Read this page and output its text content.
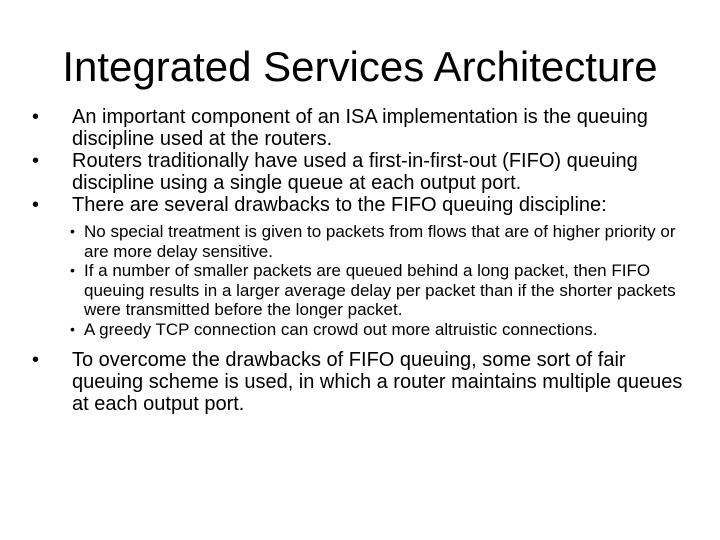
Integrated Services Architecture
• An important component of an ISA implementation is the queuing discipline used at the routers.
• Routers traditionally have used a first-in-first-out (FIFO) queuing discipline using a single queue at each output port.
• There are several drawbacks to the FIFO queuing discipline:
• No special treatment is given to packets from flows that are of higher priority or are more delay sensitive.
• If a number of smaller packets are queued behind a long packet, then FIFO queuing results in a larger average delay per packet than if the shorter packets were transmitted before the longer packet.
• A greedy TCP connection can crowd out more altruistic connections.
• To overcome the drawbacks of FIFO queuing, some sort of fair queuing scheme is used, in which a router maintains multiple queues at each output port.
